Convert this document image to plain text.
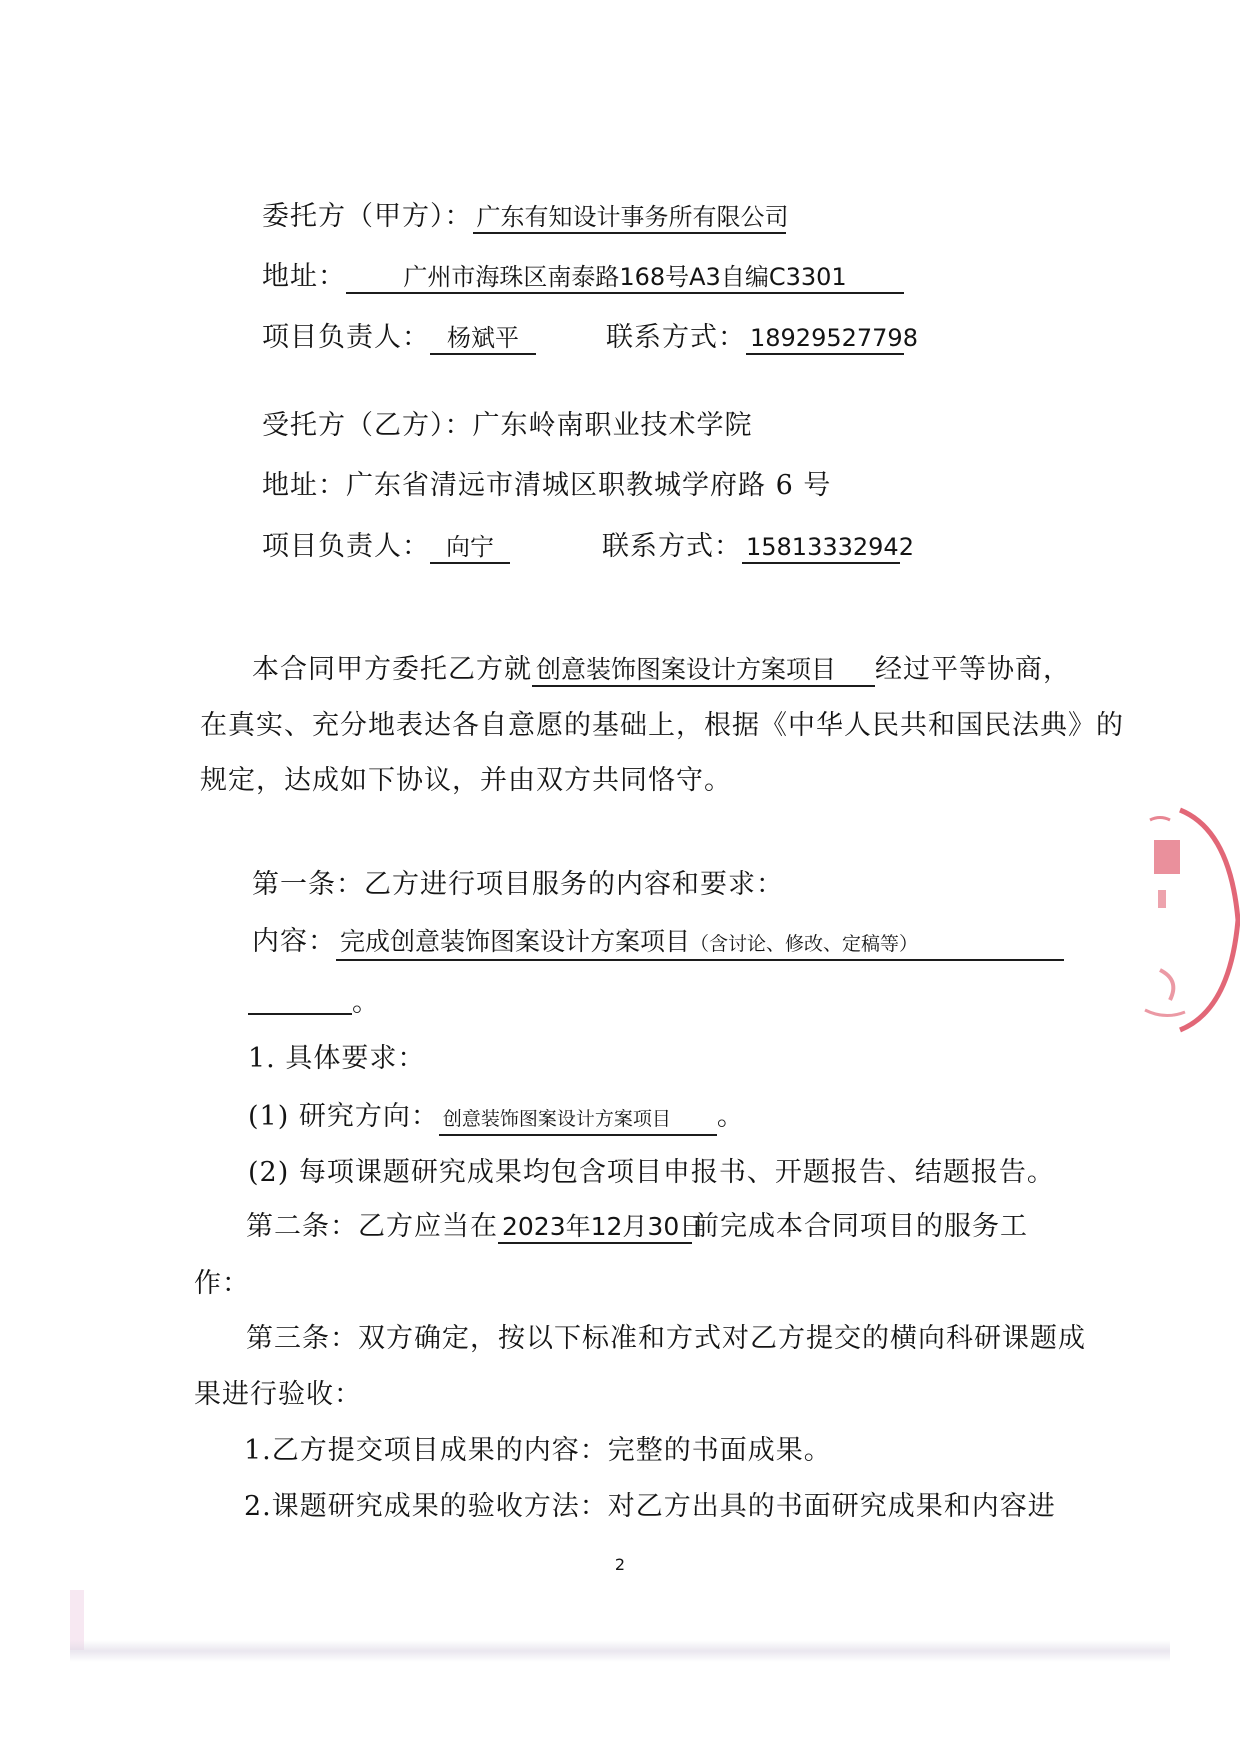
委托方（甲方）： 广东有知设计事务所有限公司
地址： 广州市海珠区南泰路168号A3自编C3301
项目负责人： 杨斌平	联系方式： 18929527798
受托方（乙方）：广东岭南职业技术学院
地址：广东省清远市清城区职教城学府路 6 号
项目负责人： 向宁	联系方式： 15813332942
本合同甲方委托乙方就 创意装饰图案设计方案项目 经过平等协商，
在真实、充分地表达各自意愿的基础上，根据《中华人民共和国民法典》的
规定，达成如下协议，并由双方共同恪守。
第一条：乙方进行项目服务的内容和要求：
内容： 完成创意装饰图案设计方案项目（含讨论、修改、定稿等）
。
1. 具体要求：
(1) 研究方向： 创意装饰图案设计方案项目 。
(2) 每项课题研究成果均包含项目申报书、开题报告、结题报告。
第二条：乙方应当在 2023年12月30日前完成本合同项目的服务工
作：
第三条：双方确定，按以下标准和方式对乙方提交的横向科研课题成
果进行验收：
1.乙方提交项目成果的内容：完整的书面成果。
2.课题研究成果的验收方法：对乙方出具的书面研究成果和内容进
2
